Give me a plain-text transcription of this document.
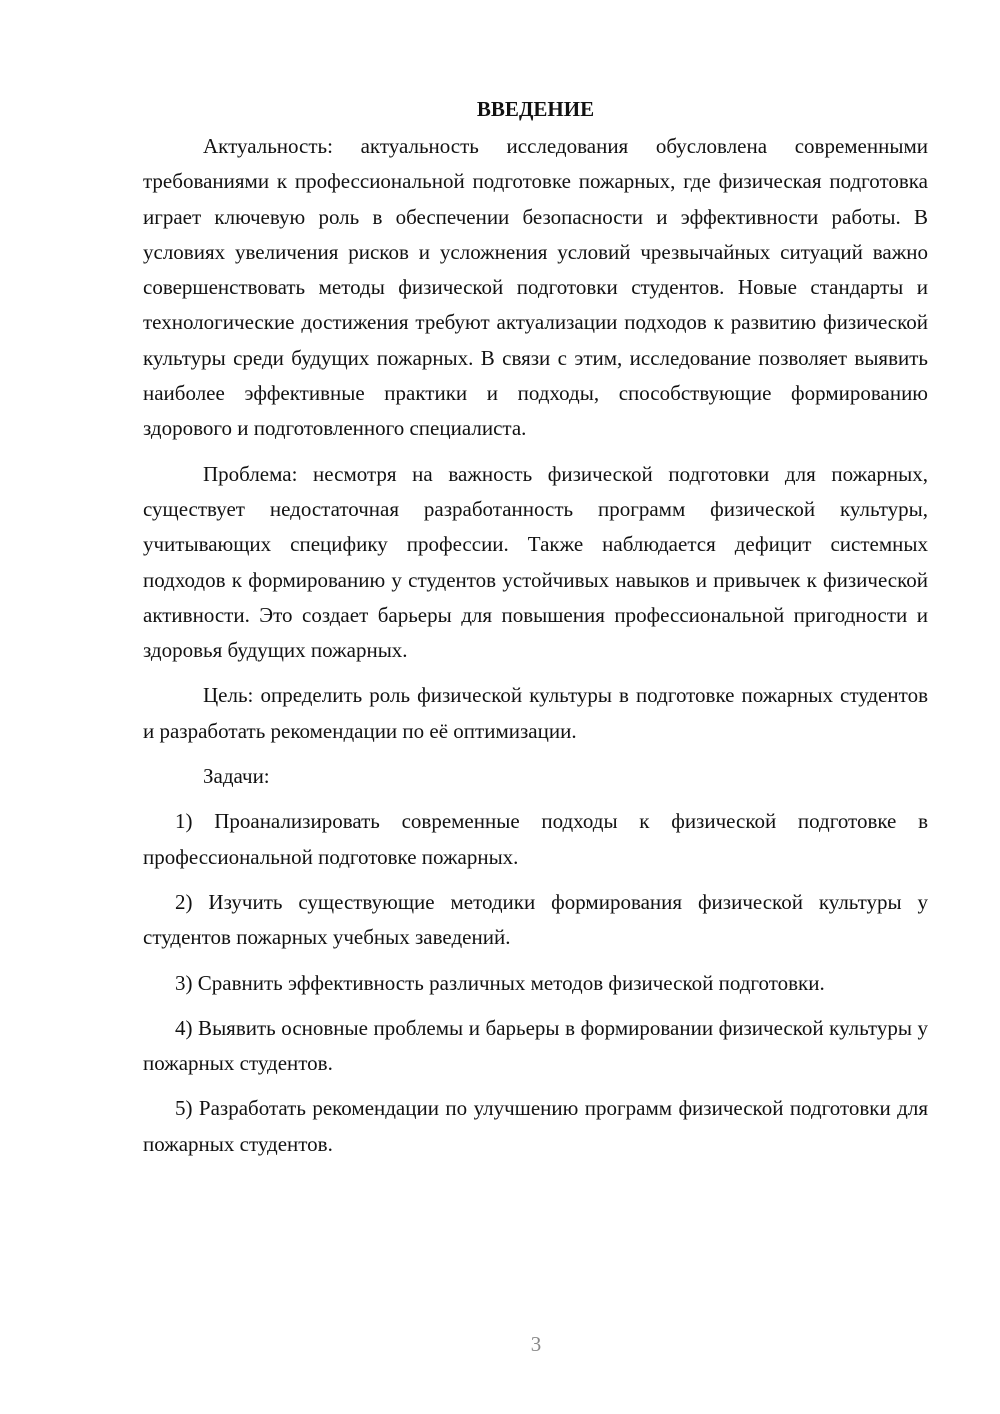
ВВЕДЕНИЕ

Актуальность: актуальность исследования обусловлена современными требованиями к профессиональной подготовке пожарных, где физическая подготовка играет ключевую роль в обеспечении безопасности и эффективности работы. В условиях увеличения рисков и усложнения условий чрезвычайных ситуаций важно совершенствовать методы физической подготовки студентов. Новые стандарты и технологические достижения требуют актуализации подходов к развитию физической культуры среди будущих пожарных. В связи с этим, исследование позволяет выявить наиболее эффективные практики и подходы, способствующие формированию здорового и подготовленного специалиста.

Проблема: несмотря на важность физической подготовки для пожарных, существует недостаточная разработанность программ физической культуры, учитывающих специфику профессии. Также наблюдается дефицит системных подходов к формированию у студентов устойчивых навыков и привычек к физической активности. Это создает барьеры для повышения профессиональной пригодности и здоровья будущих пожарных.

Цель: определить роль физической культуры в подготовке пожарных студентов и разработать рекомендации по её оптимизации.

Задачи:

1) Проанализировать современные подходы к физической подготовке в профессиональной подготовке пожарных.

2) Изучить существующие методики формирования физической культуры у студентов пожарных учебных заведений.

3) Сравнить эффективность различных методов физической подготовки.

4) Выявить основные проблемы и барьеры в формировании физической культуры у пожарных студентов.

5) Разработать рекомендации по улучшению программ физической подготовки для пожарных студентов.

3
